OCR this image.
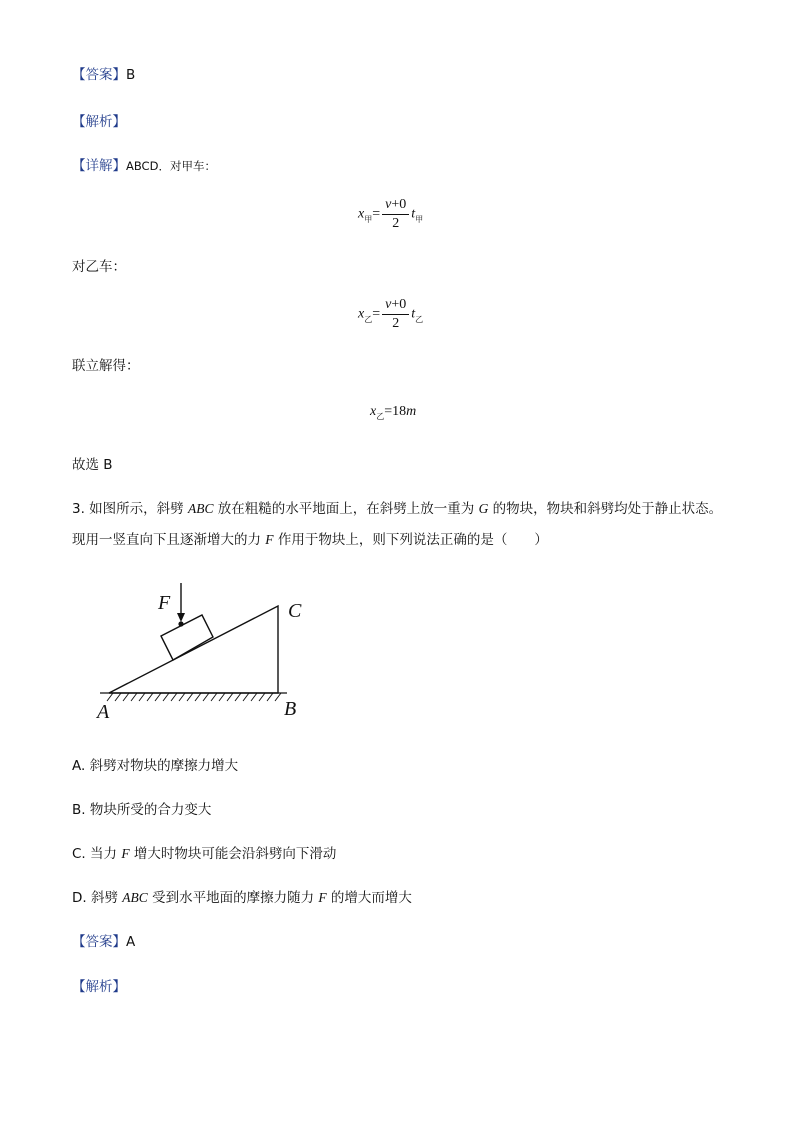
【答案】B
【解析】
【详解】ABCD．对甲车：
$x_甲= \frac{v+0}{2} t_甲$
对乙车：
$x_乙= \frac{v+0}{2} t_乙$
联立解得：
$x_乙=18m$
故选 B
3. 如图所示，斜劈 ABC 放在粗糙的水平地面上，在斜劈上放一重为 G 的物块，物块和斜劈均处于静止状态。
现用一竖直向下且逐渐增大的力 F 作用于物块上，则下列说法正确的是（　　）
F	C
A	B
A. 斜劈对物块的摩擦力增大
B. 物块所受的合力变大
C. 当力 F 增大时物块可能会沿斜劈向下滑动
D. 斜劈 ABC 受到水平地面的摩擦力随力 F 的增大而增大
【答案】A
【解析】
